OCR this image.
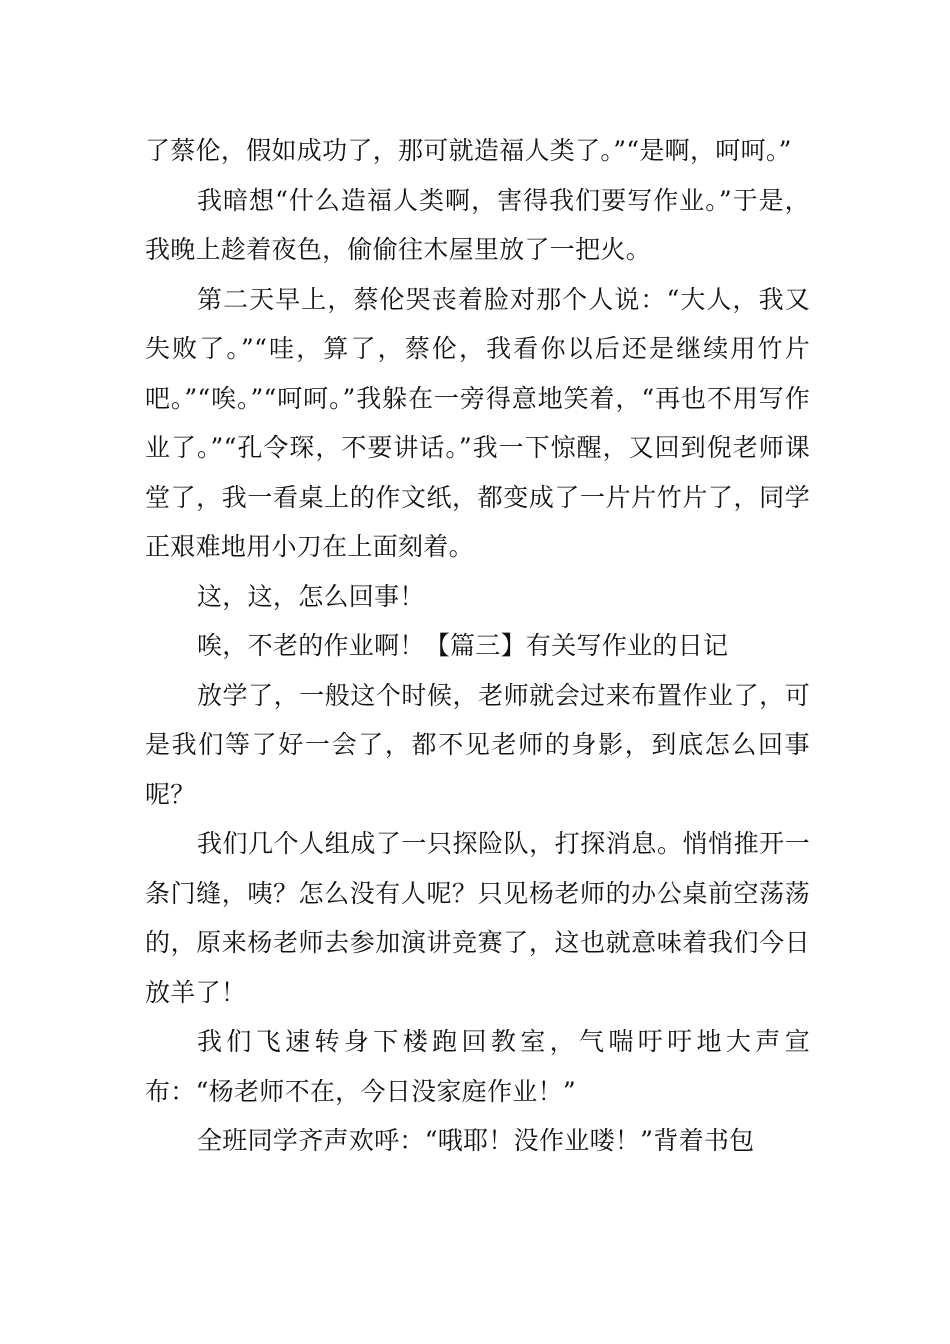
了蔡伦，假如成功了，那可就造福人类了。”“是啊，呵呵。”

我暗想“什么造福人类啊，害得我们要写作业。”于是，我晚上趁着夜色，偷偷往木屋里放了一把火。

第二天早上，蔡伦哭丧着脸对那个人说：“大人，我又失败了。”“哇，算了，蔡伦，我看你以后还是继续用竹片吧。”“唉。”“呵呵。”我躲在一旁得意地笑着，“再也不用写作业了。”“孔令琛，不要讲话。”我一下惊醒，又回到倪老师课堂了，我一看桌上的作文纸，都变成了一片片竹片了，同学正艰难地用小刀在上面刻着。

这，这，怎么回事！

唉，不老的作业啊！【篇三】有关写作业的日记

放学了，一般这个时候，老师就会过来布置作业了，可是我们等了好一会了，都不见老师的身影，到底怎么回事呢？

我们几个人组成了一只探险队，打探消息。悄悄推开一条门缝，咦？怎么没有人呢？只见杨老师的办公桌前空荡荡的，原来杨老师去参加演讲竞赛了，这也就意味着我们今日放羊了！

我们飞速转身下楼跑回教室，气喘吁吁地大声宣布：“杨老师不在，今日没家庭作业！”

全班同学齐声欢呼：“哦耶！没作业喽！”背着书包
